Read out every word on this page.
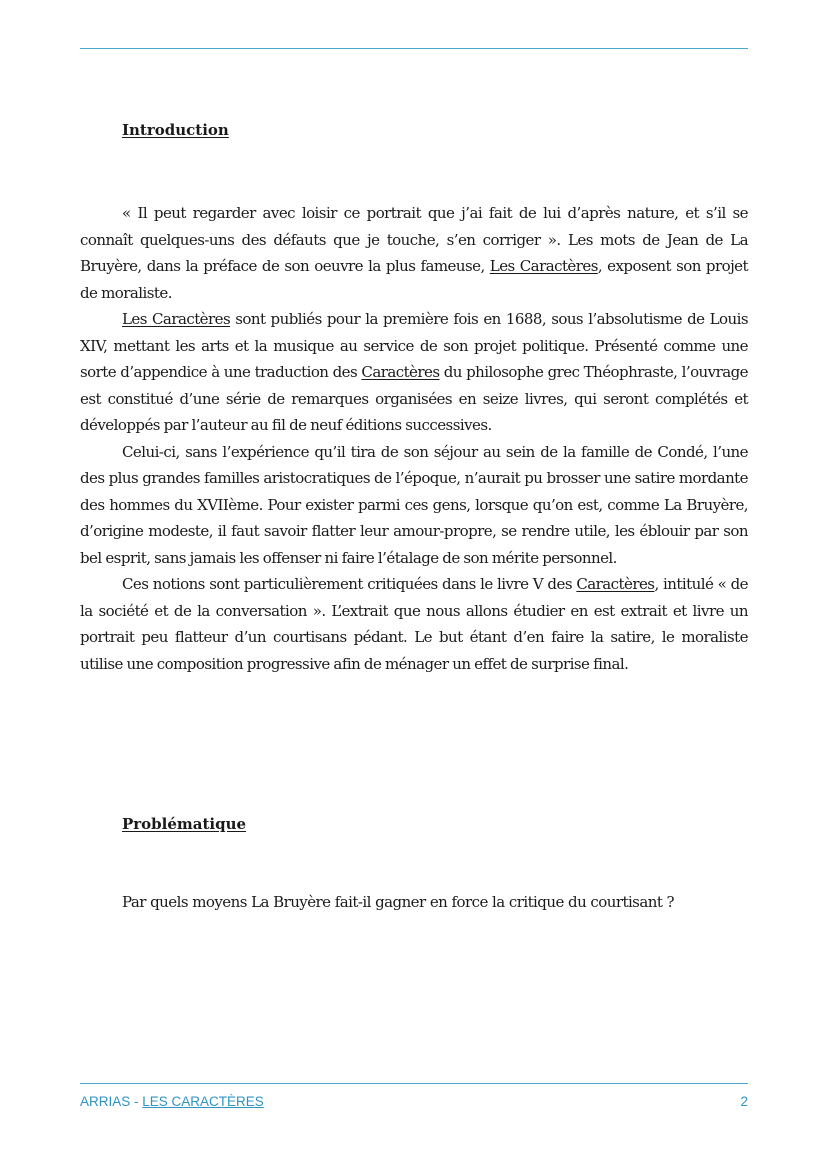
Introduction

« Il peut regarder avec loisir ce portrait que j’ai fait de lui d’après nature, et s’il se connaît quelques-uns des défauts que je touche, s’en corriger ». Les mots de Jean de La Bruyère, dans la préface de son oeuvre la plus fameuse, Les Caractères, exposent son projet de moraliste.

Les Caractères sont publiés pour la première fois en 1688, sous l’absolutisme de Louis XIV, mettant les arts et la musique au service de son projet politique. Présenté comme une sorte d’appendice à une traduction des Caractères du philosophe grec Théophraste, l’ouvrage est constitué d’une série de remarques organisées en seize livres, qui seront complétés et développés par l’auteur au fil de neuf éditions successives.

Celui-ci, sans l’expérience qu’il tira de son séjour au sein de la famille de Condé, l’une des plus grandes familles aristocratiques de l’époque, n’aurait pu brosser une satire mordante des hommes du XVIIème. Pour exister parmi ces gens, lorsque qu’on est, comme La Bruyère, d’origine modeste, il faut savoir flatter leur amour-propre, se rendre utile, les éblouir par son bel esprit, sans jamais les offenser ni faire l’étalage de son mérite personnel.

Ces notions sont particulièrement critiquées dans le livre V des Caractères, intitulé « de la société et de la conversation ». L’extrait que nous allons étudier en est extrait et livre un portrait peu flatteur d’un courtisans pédant. Le but étant d’en faire la satire, le moraliste utilise une composition progressive afin de ménager un effet de surprise final.

Problématique
Par quels moyens La Bruyère fait-il gagner en force la critique du courtisant ?
ARRIAS - LES CARACTÈRES	2
